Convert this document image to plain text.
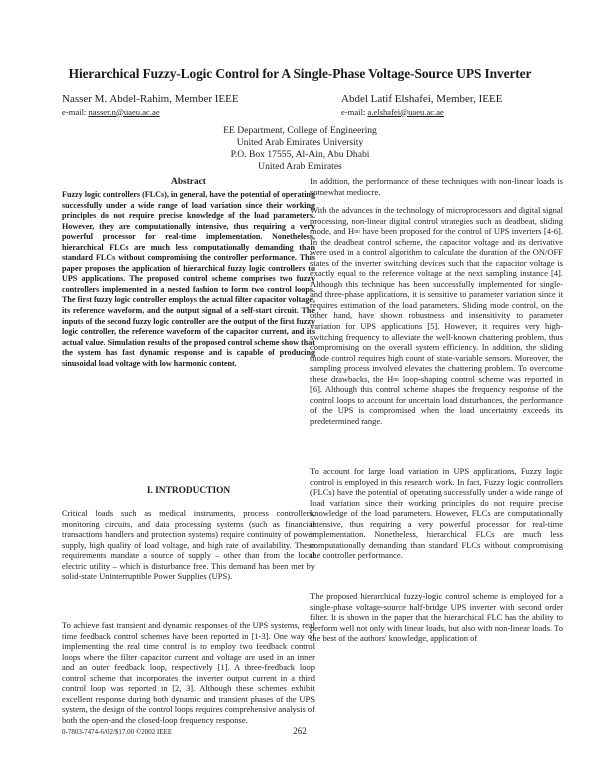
Hierarchical Fuzzy-Logic Control for A Single-Phase Voltage-Source UPS Inverter
Nasser M. Abdel-Rahim, Member IEEE
e-mail: nasser.n@uaeu.ac.ae
Abdel Latif Elshafei, Member, IEEE
e-mail: a.elshafei@uaeu.ac.ae
EE Department, College of Engineering
United Arab Emirates University
P.O. Box 17555, Al-Ain, Abu Dhabi
United Arab Emirates
Abstract

Fuzzy logic controllers (FLCs), in general, have the potential of operating successfully under a wide range of load variation since their working principles do not require precise knowledge of the load parameters. However, they are computationally intensive, thus requiring a very powerful processor for real-time implementation. Nonetheless, hierarchical FLCs are much less computationally demanding than standard FLCs without compromising the controller performance. This paper proposes the application of hierarchical fuzzy logic controllers to UPS applications. The proposed control scheme comprises two fuzzy controllers implemented in a nested fashion to form two control loops. The first fuzzy logic controller employs the actual filter capacitor voltage, its reference waveform, and the output signal of a self-start circuit. The inputs of the second fuzzy logic controller are the output of the first fuzzy logic controller, the reference waveform of the capacitor current, and its actual value. Simulation results of the proposed control scheme show that the system has fast dynamic response and is capable of producing sinusoidal load voltage with low harmonic content.

I. INTRODUCTION

Critical loads such as medical instruments, process controllers, monitoring circuits, and data processing systems (such as financial transactions handlers and protection systems) require continuity of power supply, high quality of load voltage, and high rate of availability. These requirements mandate a source of supply – other than from the local electric utility – which is disturbance free. This demand has been met by solid-state Uninterruptible Power Supplies (UPS).

To achieve fast transient and dynamic responses of the UPS systems, real time feedback control schemes have been reported in [1-3]. One way of implementing the real time control is to employ two feedback control loops where the filter capacitor current and voltage are used in an inner and an outer feedback loop, respectively [1]. A three-feedback loop control scheme that incorporates the inverter output current in a third control loop was reported in [2, 3]. Although these schemes exhibit excellent response during both dynamic and transient phases of the UPS system, the design of the control loops requires comprehensive analysis of both the open-and the closed-loop frequency response.

In addition, the performance of these techniques with non-linear loads is somewhat mediocre.

With the advances in the technology of microprocessors and digital signal processing, non-linear digital control strategies such as deadbeat, sliding mode, and H∞ have been proposed for the control of UPS inverters [4-6]. In the deadbeat control scheme, the capacitor voltage and its derivative were used in a control algorithm to calculate the duration of the ON/OFF states of the inverter switching devices such that the capacitor voltage is exactly equal to the reference voltage at the next sampling instance [4]. Although this technique has been successfully implemented for single- and three-phase applications, it is sensitive to parameter variation since it requires estimation of the load parameters. Sliding mode control, on the other hand, have shown robustness and insensitivity to parameter variation for UPS applications [5]. However, it requires very high-switching frequency to alleviate the well-known chattering problem, thus compromising on the overall system efficiency. In addition, the sliding mode control requires high count of state-variable sensors. Moreover, the sampling process involved elevates the chattering problem. To overcome these drawbacks, the H∞ loop-shaping control scheme was reported in [6]. Although this control scheme shapes the frequency response of the control loops to account for uncertain load disturbances, the performance of the UPS is compromised when the load uncertainty exceeds its predetermined range.

To account for large load variation in UPS applications, Fuzzy logic control is employed in this research work. In fact, Fuzzy logic controllers (FLCs) have the potential of operating successfully under a wide range of load variation since their working principles do not require precise knowledge of the load parameters. However, FLCs are computationally intensive, thus requiring a very powerful processor for real-time implementation. Nonetheless, hierarchical FLCs are much less computationally demanding than standard FLCs without compromising the controller performance.

The proposed hierarchical fuzzy-logic control scheme is employed for a single-phase voltage-source half-bridge UPS inverter with second order filter. It is shown in the paper that the hierarchical FLC has the ability to perform well not only with linear loads, but also with non-linear loads. To the best of the authors' knowledge, application of

0-7803-7474-6/02/$17.00 ©2002 IEEE	262
